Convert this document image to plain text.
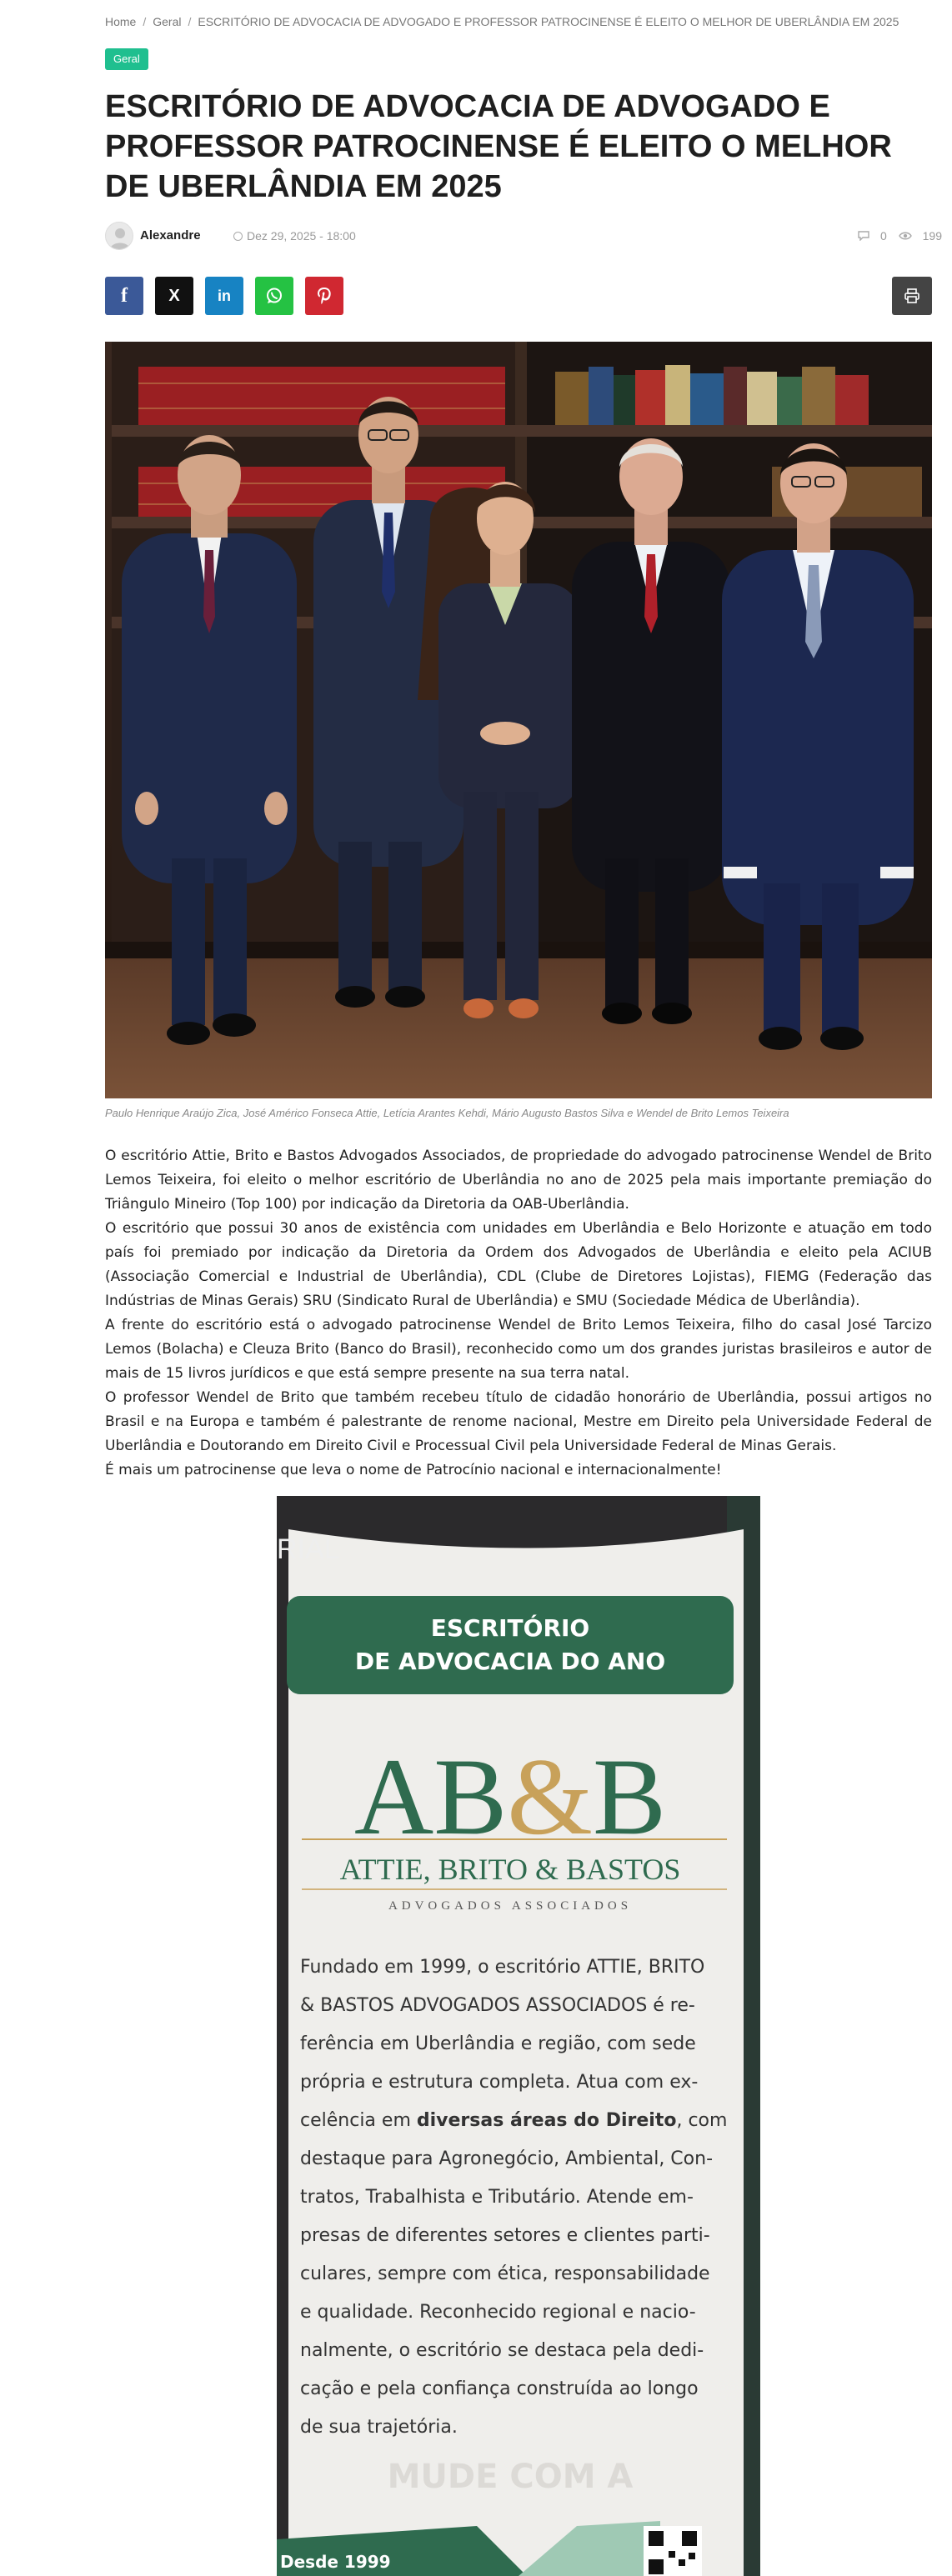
Home / Geral / ESCRITÓRIO DE ADVOCACIA DE ADVOGADO E PROFESSOR PATROCINENSE É ELEITO O MELHOR DE UBERLÂNDIA EM 2025
Geral
ESCRITÓRIO DE ADVOCACIA DE ADVOGADO E PROFESSOR PATROCINENSE É ELEITO O MELHOR DE UBERLÂNDIA EM 2025
Alexandre	Dez 29, 2025 - 18:00	0	199
f	X	in
Paulo Henrique Araújo Zica, José Américo Fonseca Attie, Letícia Arantes Kehdi, Mário Augusto Bastos Silva e Wendel de Brito Lemos Teixeira

O escritório Attie, Brito e Bastos Advogados Associados, de propriedade do advogado patrocinense Wendel de Brito Lemos Teixeira, foi eleito o melhor escritório de Uberlândia no ano de 2025 pela mais importante premiação do Triângulo Mineiro (Top 100) por indicação da Diretoria da OAB-Uberlândia.

O escritório que possui 30 anos de existência com unidades em Uberlândia e Belo Horizonte e atuação em todo país foi premiado por indicação da Diretoria da Ordem dos Advogados de Uberlândia e eleito pela ACIUB (Associação Comercial e Industrial de Uberlândia), CDL (Clube de Diretores Lojistas), FIEMG (Federação das Indústrias de Minas Gerais) SRU (Sindicato Rural de Uberlândia) e SMU (Sociedade Médica de Uberlândia).

A frente do escritório está o advogado patrocinense Wendel de Brito Lemos Teixeira, filho do casal José Tarcizo Lemos (Bolacha) e Cleuza Brito (Banco do Brasil), reconhecido como um dos grandes juristas brasileiros e autor de mais de 15 livros jurídicos e que está sempre presente na sua terra natal.

O professor Wendel de Brito que também recebeu título de cidadão honorário de Uberlândia, possui artigos no Brasil e na Europa e também é palestrante de renome nacional, Mestre em Direito pela Universidade Federal de Uberlândia e Doutorando em Direito Civil e Processual Civil pela Universidade Federal de Minas Gerais.

É mais um patrocinense que leva o nome de Patrocínio nacional e internacionalmente!

RIAL
ESCRITÓRIO
DE ADVOCACIA DO ANO
AB&B
ATTIE, BRITO & BASTOS
ADVOGADOS ASSOCIADOS
Fundado em 1999, o escritório ATTIE, BRITO
& BASTOS ADVOGADOS ASSOCIADOS é re-
ferência em Uberlândia e região, com sede
própria e estrutura completa. Atua com ex-
celência em diversas áreas do Direito, com
destaque para Agronegócio, Ambiental, Con-
tratos, Trabalhista e Tributário. Atende em-
presas de diferentes setores e clientes parti-
culares, sempre com ética, responsabilidade
e qualidade. Reconhecido regional e nacio-
nalmente, o escritório se destaca pela dedi-
cação e pela confiança construída ao longo
de sua trajetória.
MUDE COM A
Desde 1999
